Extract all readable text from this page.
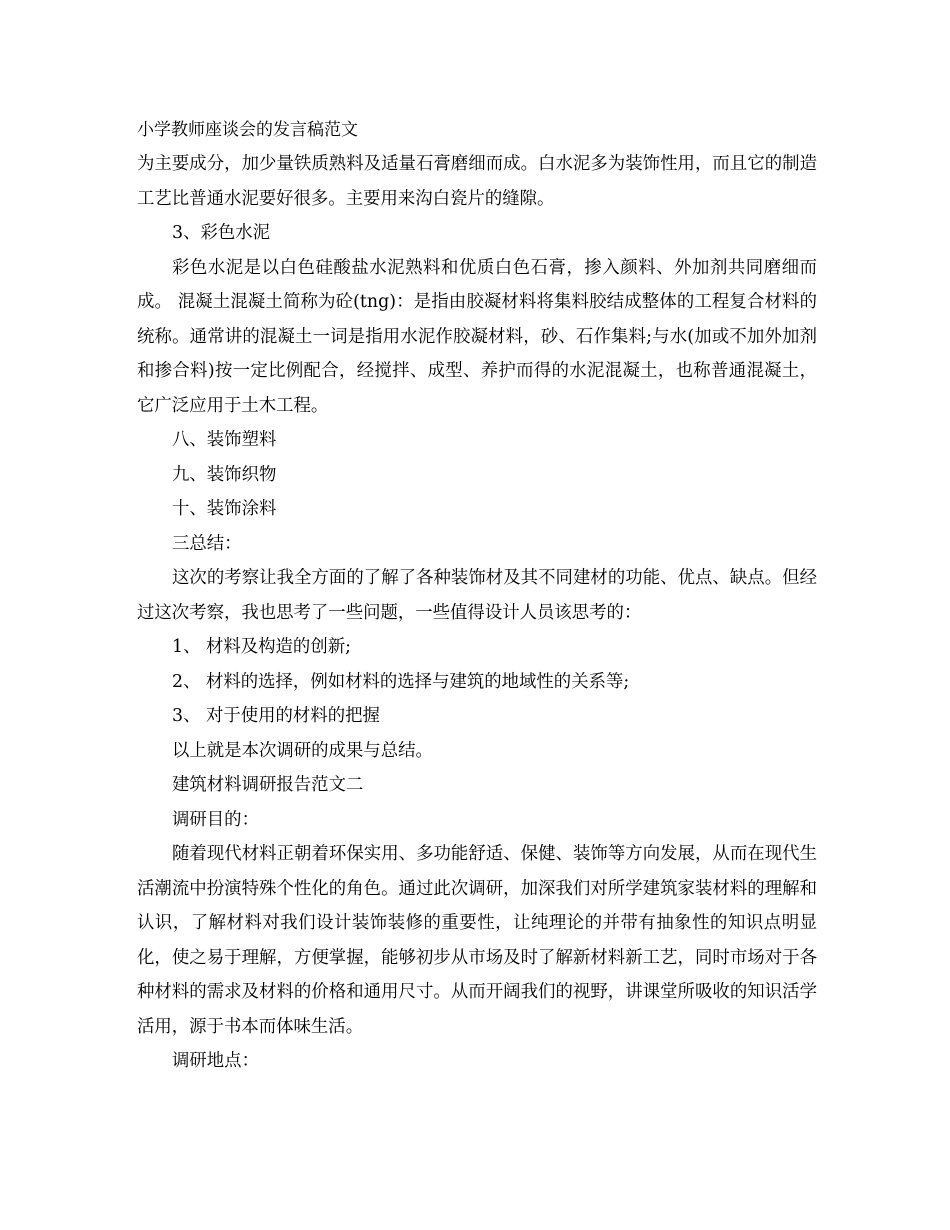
小学教师座谈会的发言稿范文

为主要成分，加少量铁质熟料及适量石膏磨细而成。白水泥多为装饰性用，而且它的制造工艺比普通水泥要好很多。主要用来沟白瓷片的缝隙。

3、彩色水泥

彩色水泥是以白色硅酸盐水泥熟料和优质白色石膏，掺入颜料、外加剂共同磨细而成。 混凝土混凝土简称为砼(tng)：是指由胶凝材料将集料胶结成整体的工程复合材料的统称。通常讲的混凝土一词是指用水泥作胶凝材料，砂、石作集料;与水(加或不加外加剂和掺合料)按一定比例配合，经搅拌、成型、养护而得的水泥混凝土，也称普通混凝土，它广泛应用于土木工程。

八、装饰塑料

九、装饰织物

十、装饰涂料

三总结：

这次的考察让我全方面的了解了各种装饰材及其不同建材的功能、优点、缺点。但经过这次考察，我也思考了一些问题，一些值得设计人员该思考的：

1、 材料及构造的创新;

2、 材料的选择，例如材料的选择与建筑的地域性的关系等;

3、 对于使用的材料的把握

以上就是本次调研的成果与总结。

建筑材料调研报告范文二

调研目的：

随着现代材料正朝着环保实用、多功能舒适、保健、装饰等方向发展，从而在现代生活潮流中扮演特殊个性化的角色。通过此次调研，加深我们对所学建筑家装材料的理解和认识，了解材料对我们设计装饰装修的重要性，让纯理论的并带有抽象性的知识点明显化，使之易于理解，方便掌握，能够初步从市场及时了解新材料新工艺，同时市场对于各种材料的需求及材料的价格和通用尺寸。从而开阔我们的视野，讲课堂所吸收的知识活学活用，源于书本而体味生活。

调研地点：
